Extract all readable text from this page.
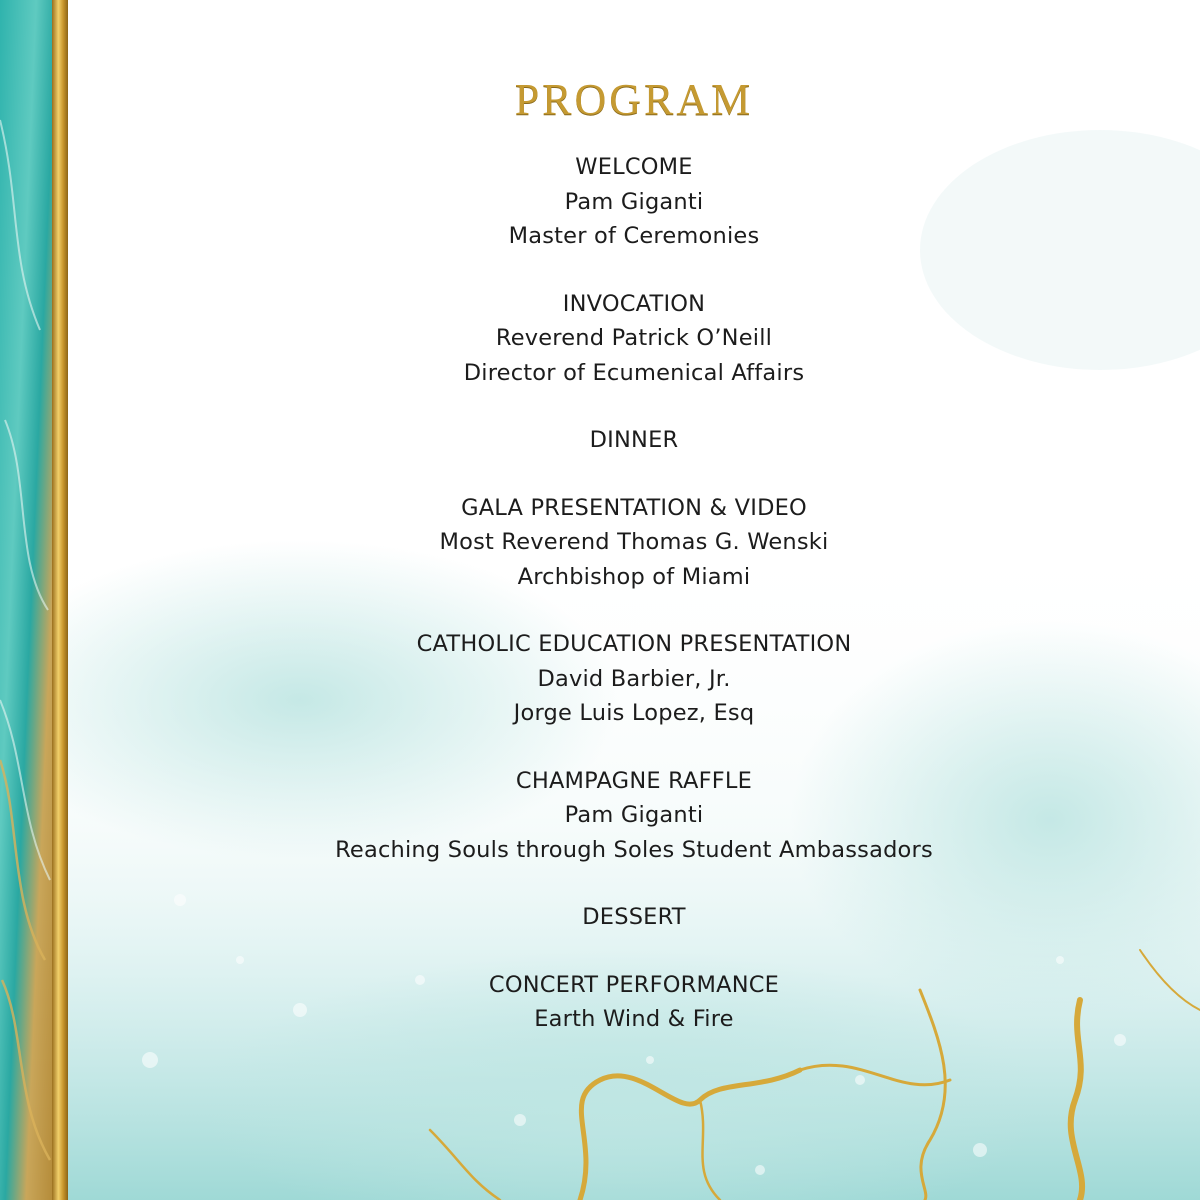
PROGRAM
WELCOME
Pam Giganti
Master of Ceremonies
INVOCATION
Reverend Patrick O’Neill
Director of Ecumenical Affairs
DINNER
GALA PRESENTATION & VIDEO
Most Reverend Thomas G. Wenski
Archbishop of Miami
CATHOLIC EDUCATION PRESENTATION
David Barbier, Jr.
Jorge Luis Lopez, Esq
CHAMPAGNE RAFFLE
Pam Giganti
Reaching Souls through Soles Student Ambassadors
DESSERT
CONCERT PERFORMANCE
Earth Wind & Fire
